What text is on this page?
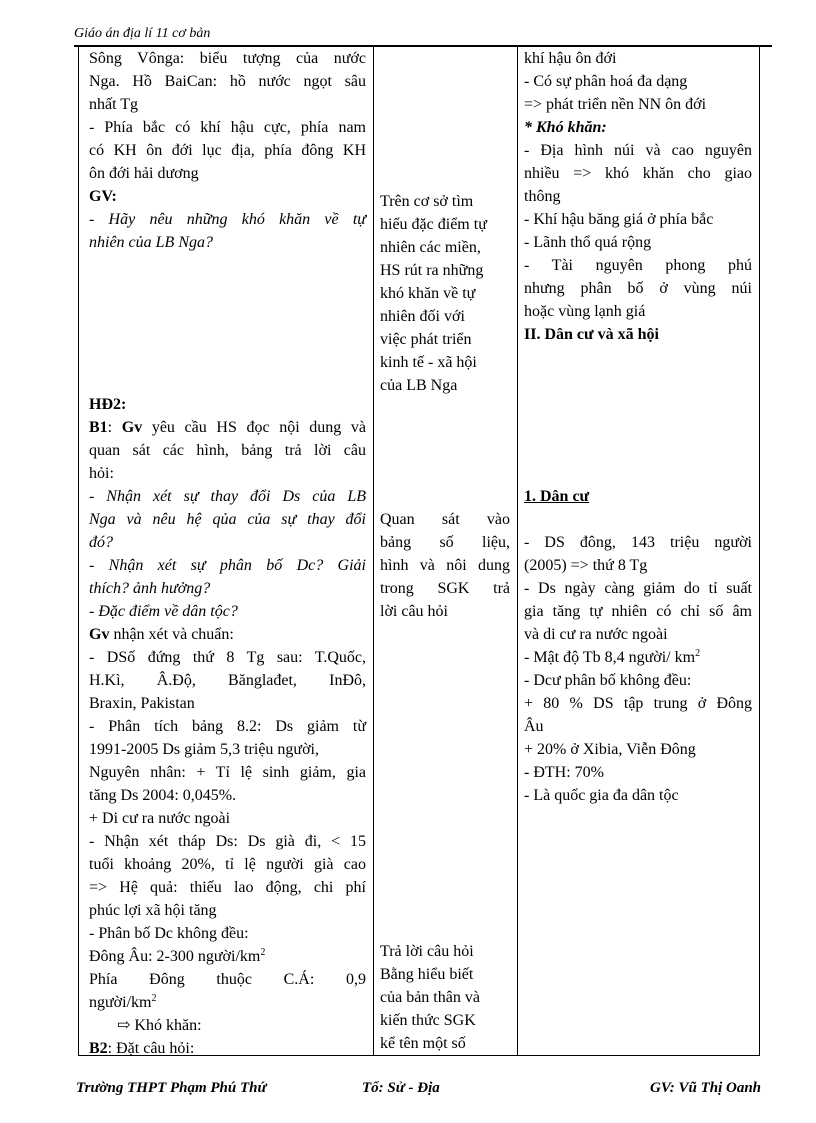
Giáo án địa lí 11 cơ bản
Sông Vônga: biểu tượng của nước
Nga. Hồ BaiCan: hồ nước ngọt sâu
nhất Tg
- Phía bắc có khí hậu cực, phía nam
có KH ôn đới lục địa, phía đông KH
ôn đới hải dương
GV:
- Hãy nêu những khó khăn về tự
nhiên của LB Nga?
HĐ2:
B1: Gv yêu cầu HS đọc nội dung và
quan sát các hình, bảng trả lời câu
hỏi:
- Nhận xét sự thay đổi Ds của LB
Nga và nêu hệ qủa của sự thay đổi
đó?
- Nhận xét sự phân bố Dc? Giải
thích? ảnh hưởng?
- Đặc điểm về dân tộc?
Gv nhận xét và chuẩn:
- DSố đứng thứ 8 Tg sau: T.Quốc,
H.Kì, Â.Độ, Bănglađet, InĐô,
Braxin, Pakistan
- Phân tích bảng 8.2: Ds giảm từ
1991-2005 Ds giảm 5,3 triệu người,
Nguyên nhân: + Tỉ lệ sinh giảm, gia
tăng Ds 2004: 0,045%.
+ Di cư ra nước ngoài
- Nhận xét tháp Ds: Ds già đi, < 15
tuổi khoảng 20%, tỉ lệ người già cao
=> Hệ quả: thiếu lao động, chi phí
phúc lợi xã hội tăng
- Phân bố Dc không đều:
Đông Âu: 2-300 người/$km^2$
Phía Đông thuộc C.Á: 0,9
người/$km^2$
⇨ Khó khăn:
B2: Đặt câu hỏi:
Trên cơ sở tìm
hiểu đặc điểm tự
nhiên các miền,
HS rút ra những
khó khăn về tự
nhiên đối với
việc phát triển
kinh tế - xã hội
của LB Nga
Quan sát vào
bảng số liệu,
hình và nôi dung
trong SGK trả
lời câu hỏi
Trả lời câu hỏi
Bằng hiểu biết
của bản thân và
kiến thức SGK
kể tên một số
khí hậu ôn đới
- Có sự phân hoá đa dạng
=> phát triển nền NN ôn đới
* Khó khăn:
- Địa hình núi và cao nguyên
nhiều => khó khăn cho giao
thông
- Khí hậu băng giá ở phía bắc
- Lãnh thổ quá rộng
- Tài nguyên phong phú
nhưng phân bố ở vùng núi
hoặc vùng lạnh giá
II. Dân cư và xã hội
1. Dân cư
- DS đông, 143 triệu người
(2005) => thứ 8 Tg
- Ds ngày càng giảm do tỉ suất
gia tăng tự nhiên có chỉ số âm
và di cư ra nước ngoài
- Mật độ Tb 8,4 người/ $km^2$
- Dcư phân bố không đều:
+ 80 % DS tập trung ở Đông
Âu
+ 20% ở Xibia, Viễn Đông
- ĐTH: 70%
- Là quốc gia đa dân tộc
Trường THPT Phạm Phú Thứ	Tổ: Sử - Địa	GV: Vũ Thị Oanh
